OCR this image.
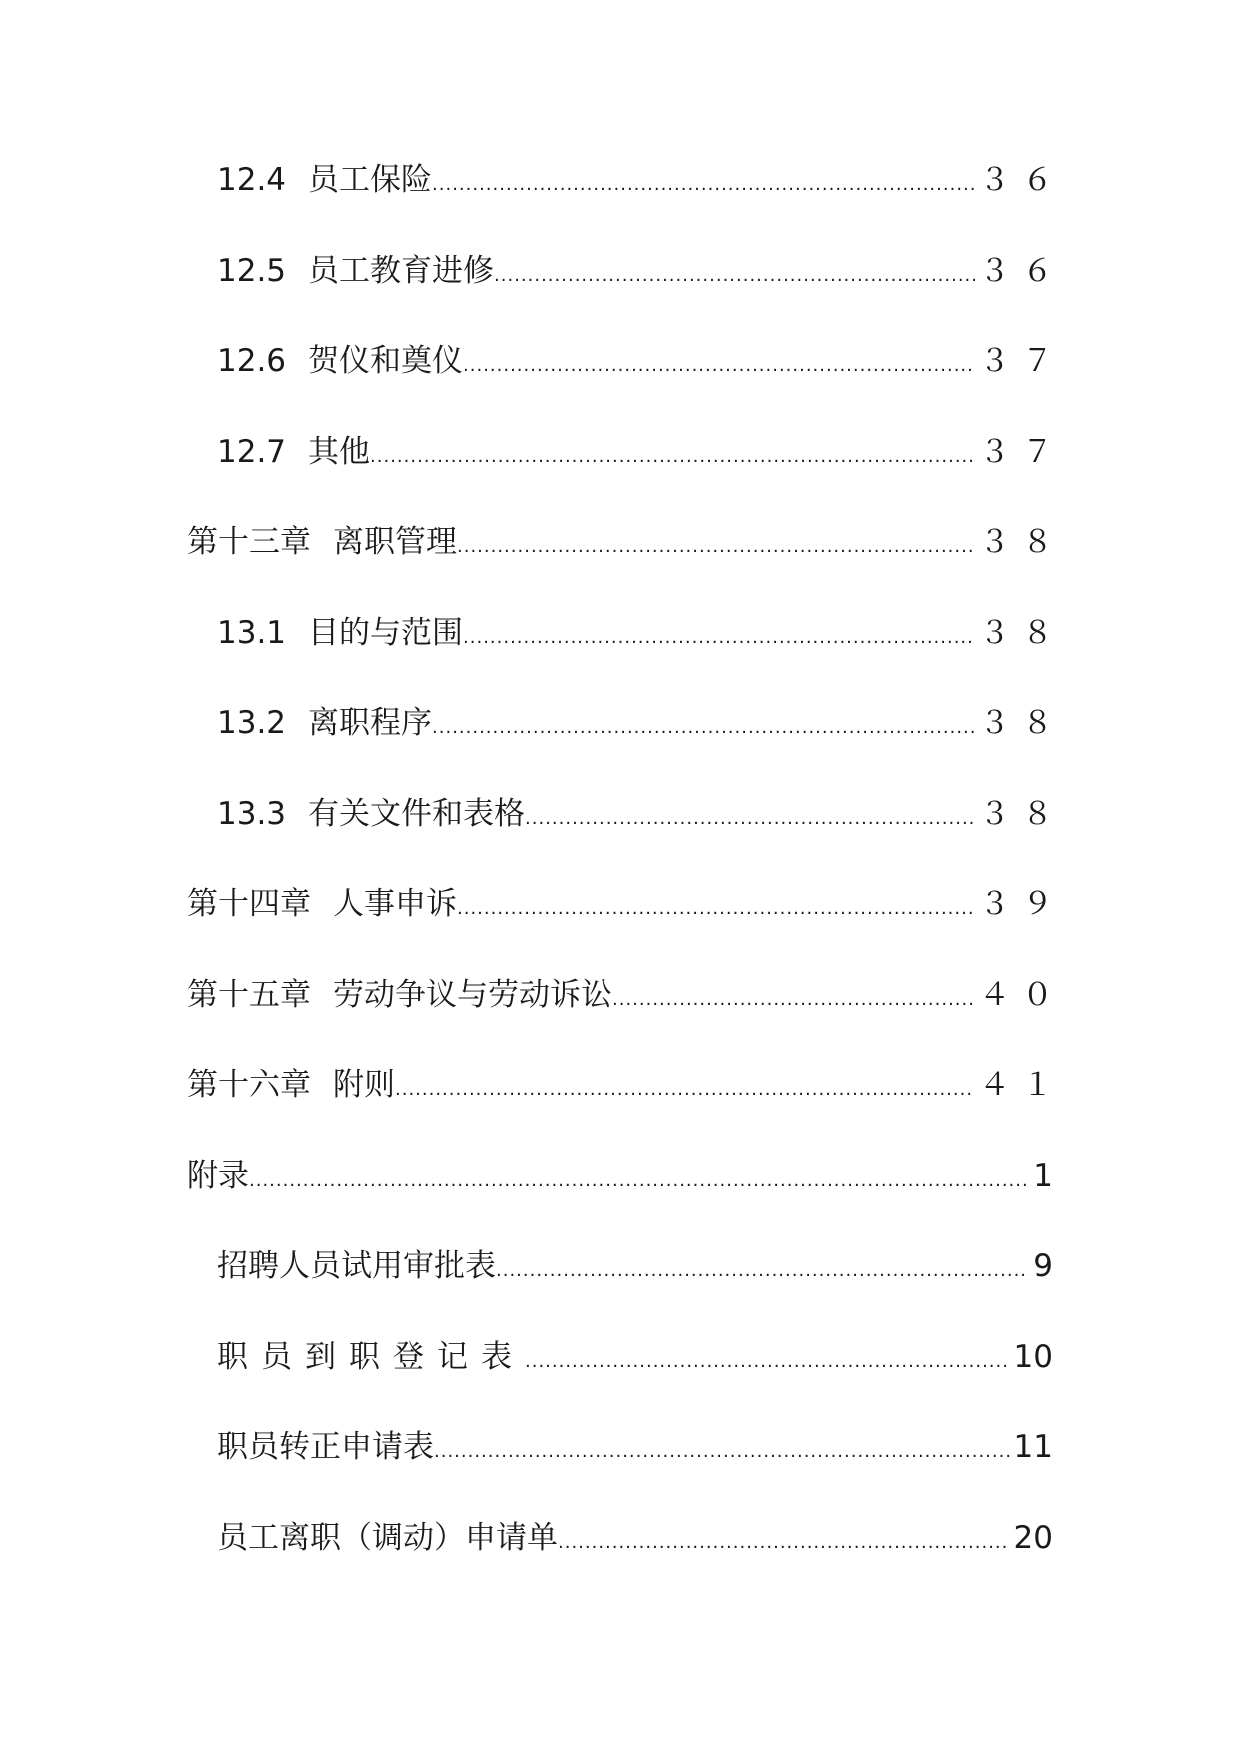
12.4 员工保险 .....	３６
12.5 员工教育进修 .....	３６
12.6 贺仪和奠仪 .....	３７
12.7 其他 .....	３７
第十三章 离职管理 .....	３８
13.1 目的与范围 .....	３８
13.2 离职程序 .....	３８
13.3 有关文件和表格 .....	３８
第十四章 人事申诉 .....	３９
第十五章 劳动争议与劳动诉讼 .....	４０
第十六章 附则 .....	４１
附录 .....	1
招聘人员试用审批表 .....	9
职员到职登记表 .....	10
职员转正申请表 .....	11
员工离职（调动）申请单 .....	20
